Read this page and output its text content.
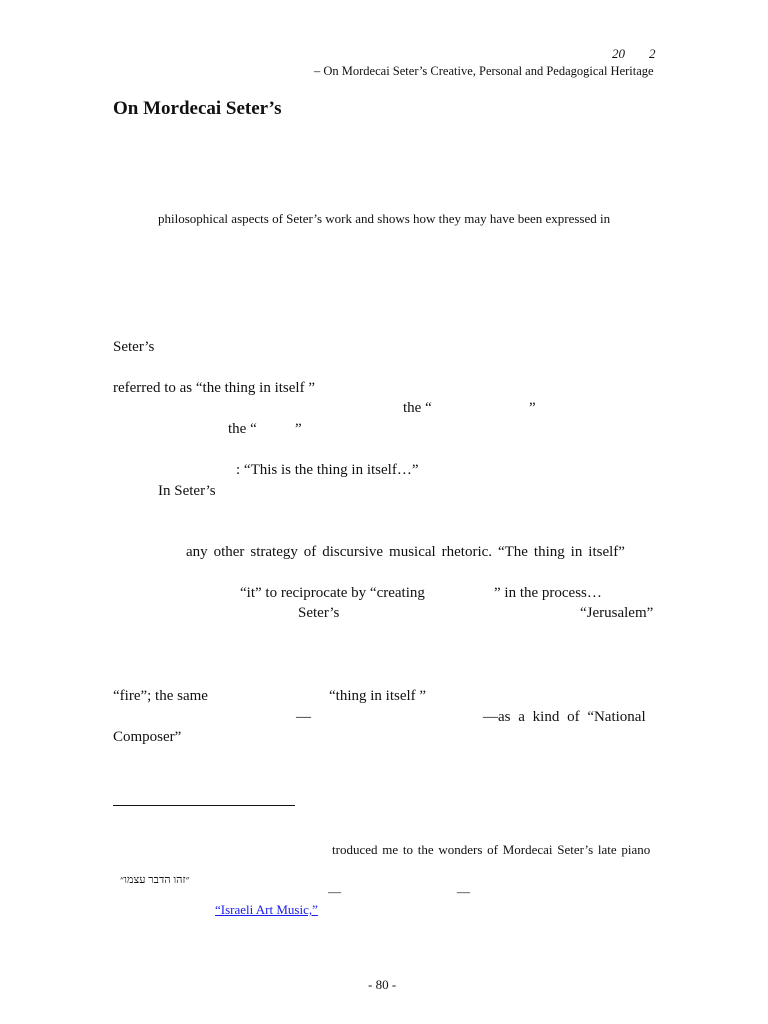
20 2
– On Mordecai Seter’s Creative, Personal and Pedagogical Heritage
On Mordecai Seter’s
philosophical aspects of Seter’s work and shows how they may have been expressed in
Seter’s
referred to as “the thing in itself ”
the “	”
the “	”
: “This is the thing in itself…”
In Seter’s
any other strategy of discursive musical rhetoric. “The thing in itself”
“it” to reciprocate by “creating	” in the process…
Seter’s	“Jerusalem”
“fire”; the same	“thing in itself ”
—	—as a kind of “National
Composer”
troduced me to the wonders of Mordecai Seter’s late piano
״זהו הדבר עצמו״
—	—
“Israeli Art Music,”
- 80 -
